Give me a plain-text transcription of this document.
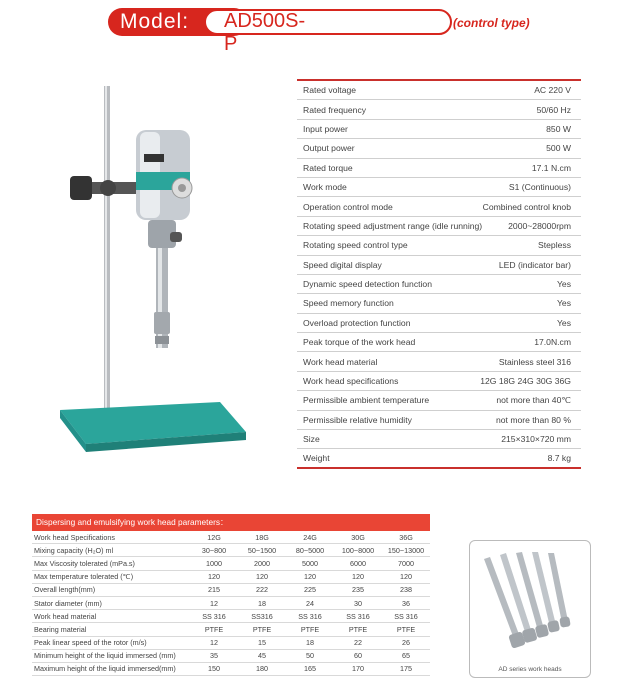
Model: AD500S-P
(control type)
Rated voltage	AC 220 V
Rated frequency	50/60 Hz
Input power	850 W
Output power	500 W
Rated torque	17.1 N.cm
Work mode	S1 (Continuous)
Operation control mode	Combined control knob
Rotating speed adjustment range (idle running)	2000~28000rpm
Rotating speed control type	Stepless
Speed digital display	LED (indicator bar)
Dynamic speed detection function	Yes
Speed memory function	Yes
Overload protection function	Yes
Peak torque of the work head	17.0N.cm
Work head material	Stainless steel 316
Work head specifications	12G 18G 24G 30G 36G
Permissible ambient temperature	not more than 40℃
Permissible relative humidity	not more than 80 %
Size	215×310×720 mm
Weight	8.7 kg
Dispersing and emulsifying work head parameters：
Work head Specifications	12G	18G	24G	30G	36G
Mixing capacity (H₂O) ml	30~800	50~1500	80~5000	100~8000	150~13000
Max Viscosity tolerated (mPa.s)	1000	2000	5000	6000	7000
Max temperature tolerated (℃)	120	120	120	120	120
Overall length(mm)	215	222	225	235	238
Stator diameter (mm)	12	18	24	30	36
Work head material	SS 316	SS316	SS 316	SS 316	SS 316
Bearing material	PTFE	PTFE	PTFE	PTFE	PTFE
Peak linear speed of the rotor (m/s)	12	15	18	22	26
Minimum height of the liquid immersed (mm)	35	45	50	60	65
Maximum height of the liquid immersed(mm)	150	180	165	170	175	AD series work heads
